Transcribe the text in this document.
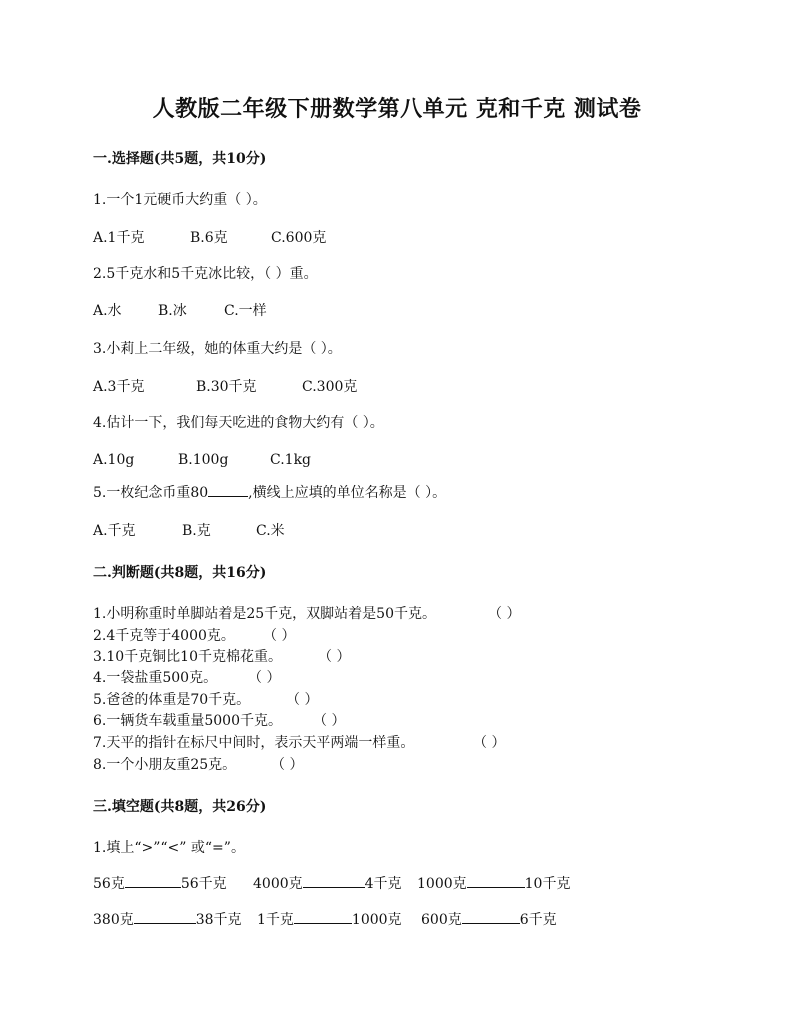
人教版二年级下册数学第八单元 克和千克 测试卷
一.选择题(共5题，共10分)
1.一个1元硬币大约重（ ）。
A.1千克	B.6克	C.600克
2.5千克水和5千克冰比较，（ ）重。
A.水	B.冰	C.一样
3.小莉上二年级，她的体重大约是（ ）。
A.3千克	B.30千克	C.300克
4.估计一下，我们每天吃进的食物大约有（ ）。
A.10g	B.100g	C.1kg
5.一枚纪念币重80	,横线上应填的单位名称是（ ）。
A.千克	B.克	C.米
二.判断题(共8题，共16分)
1.小明称重时单脚站着是25千克，双脚站着是50千克。	（ ）
2.4千克等于4000克。 （ ）
3.10千克铜比10千克棉花重。	（ ）
4.一袋盐重500克。 （ ）
5.爸爸的体重是70千克。	（ ）
6.一辆货车载重量5000千克。 （ ）
7.天平的指针在标尺中间时，表示天平两端一样重。	（ ）
8.一个小朋友重25克。 （ ）
三.填空题(共8题，共26分)
1.填上“>”“<” 或“=”。
56克	56千克 4000克	4千克 1000克	10千克
380克	38千克 1千克	1000克 600克	6千克
